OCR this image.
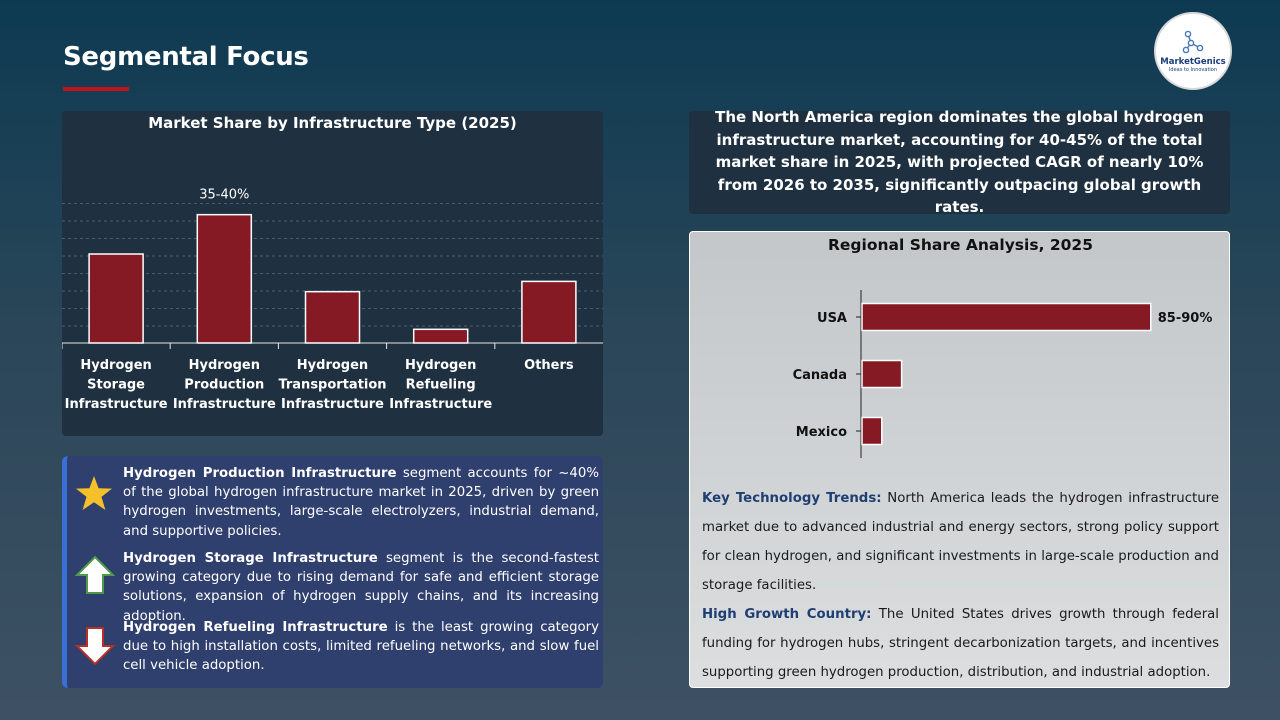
Segmental Focus	MarketGenics
Ideas to Innovation
Market Share by Infrastructure Type (2025)
Hydrogen
Storage
Infrastructure
35-40%
Hydrogen
Production
Infrastructure
Hydrogen
Transportation
Infrastructure
Hydrogen
Refueling
Infrastructure
Others
Hydrogen Production Infrastructure segment accounts for ~40% of the global hydrogen infrastructure market in 2025, driven by green hydrogen investments, large-scale electrolyzers, industrial demand, and supportive policies.
Hydrogen Storage Infrastructure segment is the second-fastest growing category due to rising demand for safe and efficient storage solutions, expansion of hydrogen supply chains, and its increasing adoption.
Hydrogen Refueling Infrastructure is the least growing category due to high installation costs, limited refueling networks, and slow fuel cell vehicle adoption.
The North America region dominates the global hydrogen infrastructure market, accounting for 40-45% of the total market share in 2025, with projected CAGR of nearly 10% from 2026 to 2035, significantly outpacing global growth rates.
Regional Share Analysis, 2025
USA	85-90%
Canada
Mexico
Key Technology Trends: North America leads the hydrogen infrastructure market due to advanced industrial and energy sectors, strong policy support for clean hydrogen, and significant investments in large-scale production and storage facilities.
High Growth Country: The United States drives growth through federal funding for hydrogen hubs, stringent decarbonization targets, and incentives supporting green hydrogen production, distribution, and industrial adoption.
